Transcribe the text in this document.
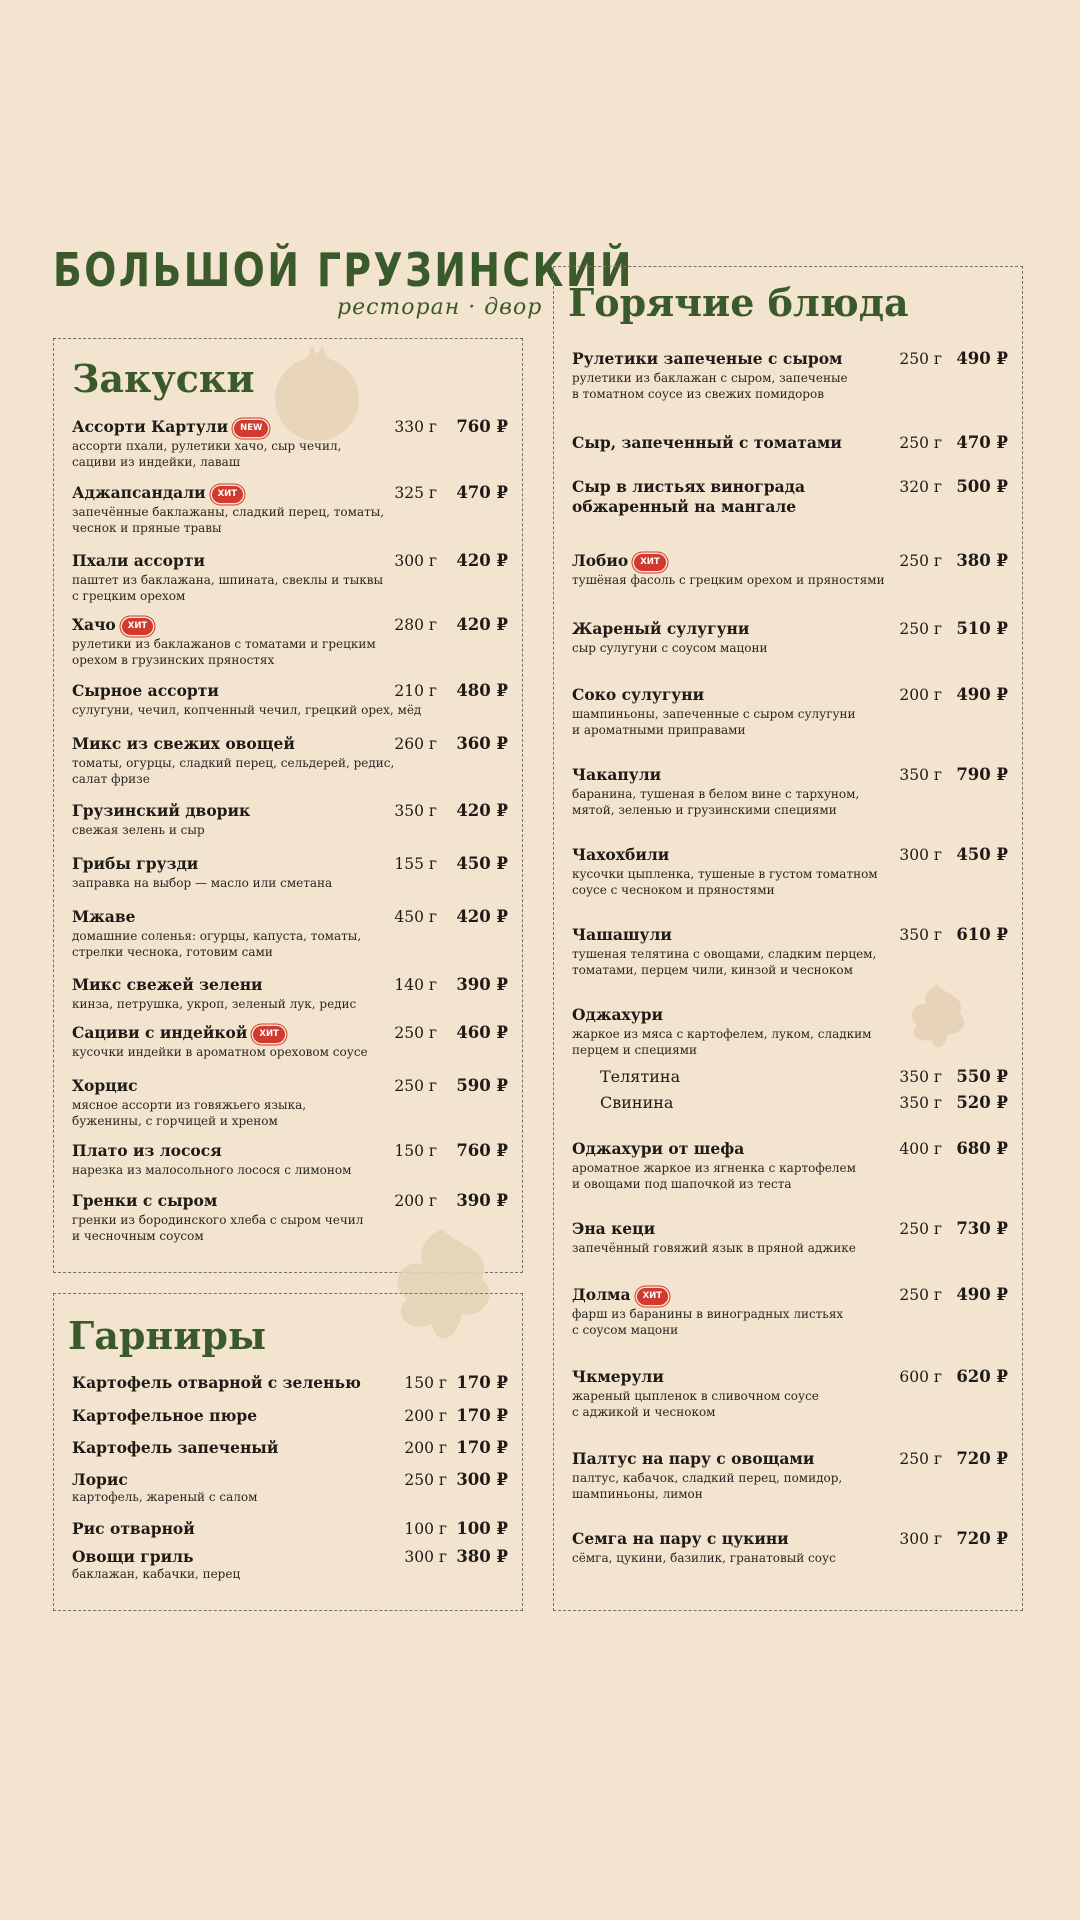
БОЛЬШОЙ ГРУЗИНСКИЙ
ресторан · двор
Закуски
Ассорти Картули NEW
ассорти пхали, рулетики хачо, сыр чечил,
сациви из индейки, лаваш
330 г	760 ₽
Аджапсандали ХИТ
запечённые баклажаны, сладкий перец, томаты,
чеснок и пряные травы
325 г	470 ₽
Пхали ассорти
паштет из баклажана, шпината, свеклы и тыквы
с грецким орехом
300 г	420 ₽
Хачо ХИТ
рулетики из баклажанов с томатами и грецким
орехом в грузинских пряностях
280 г	420 ₽
Сырное ассорти
сулугуни, чечил, копченный чечил, грецкий орех, мёд
210 г	480 ₽
Микс из свежих овощей
томаты, огурцы, сладкий перец, сельдерей, редис,
салат фризе
260 г	360 ₽
Грузинский дворик
свежая зелень и сыр
350 г	420 ₽
Грибы грузди
заправка на выбор — масло или сметана
155 г	450 ₽
Мжаве
домашние соленья: огурцы, капуста, томаты,
стрелки чеснока, готовим сами
450 г	420 ₽
Микс свежей зелени
кинза, петрушка, укроп, зеленый лук, редис
140 г	390 ₽
Сациви с индейкой ХИТ
кусочки индейки в ароматном ореховом соусе
250 г	460 ₽
Хорцис
мясное ассорти из говяжьего языка,
буженины, с горчицей и хреном
250 г	590 ₽
Плато из лосося
нарезка из малосольного лосося с лимоном
150 г	760 ₽
Гренки с сыром
гренки из бородинского хлеба с сыром чечил
и чесночным соусом
200 г	390 ₽
Гарниры
Картофель отварной с зеленью	150 г 170 ₽
Картофельное пюре	200 г 170 ₽
Картофель запеченый	200 г 170 ₽
Лорис
картофель, жареный с салом
250 г 300 ₽
Рис отварной	100 г 100 ₽
Овощи гриль
баклажан, кабачки, перец
300 г 380 ₽
Горячие блюда
Рулетики запеченые с сыром
рулетики из баклажан с сыром, запеченые
в томатном соусе из свежих помидоров
250 г 490 ₽
Сыр, запеченный с томатами	250 г 470 ₽
Сыр в листьях винограда
обжаренный на мангале
320 г 500 ₽
Лобио ХИТ
тушёная фасоль с грецким орехом и пряностями
250 г 380 ₽
Жареный сулугуни
сыр сулугуни с соусом мацони
250 г 510 ₽
Соко сулугуни
шампиньоны, запеченные с сыром сулугуни
и ароматными приправами
200 г 490 ₽
Чакапули
баранина, тушеная в белом вине с тархуном,
мятой, зеленью и грузинскими специями
350 г 790 ₽
Чахохбили
кусочки цыпленка, тушеные в густом томатном
соусе с чесноком и пряностями
300 г 450 ₽
Чашашули
тушеная телятина с овощами, сладким перцем,
томатами, перцем чили, кинзой и чесноком
350 г 610 ₽
Оджахури
жаркое из мяса с картофелем, луком, сладким
перцем и специями
Телятина	350 г 550 ₽
Свинина	350 г 520 ₽
Оджахури от шефа
ароматное жаркое из ягненка с картофелем
и овощами под шапочкой из теста
400 г 680 ₽
Эна кеци
запечённый говяжий язык в пряной аджике
250 г 730 ₽
Долма ХИТ
фарш из баранины в виноградных листьях
с соусом мацони
250 г 490 ₽
Чкмерули
жареный цыпленок в сливочном соусе
с аджикой и чесноком
600 г 620 ₽
Палтус на пару с овощами
палтус, кабачок, сладкий перец, помидор,
шампиньоны, лимон
250 г 720 ₽
Семга на пару с цукини
сёмга, цукини, базилик, гранатовый соус
300 г 720 ₽
